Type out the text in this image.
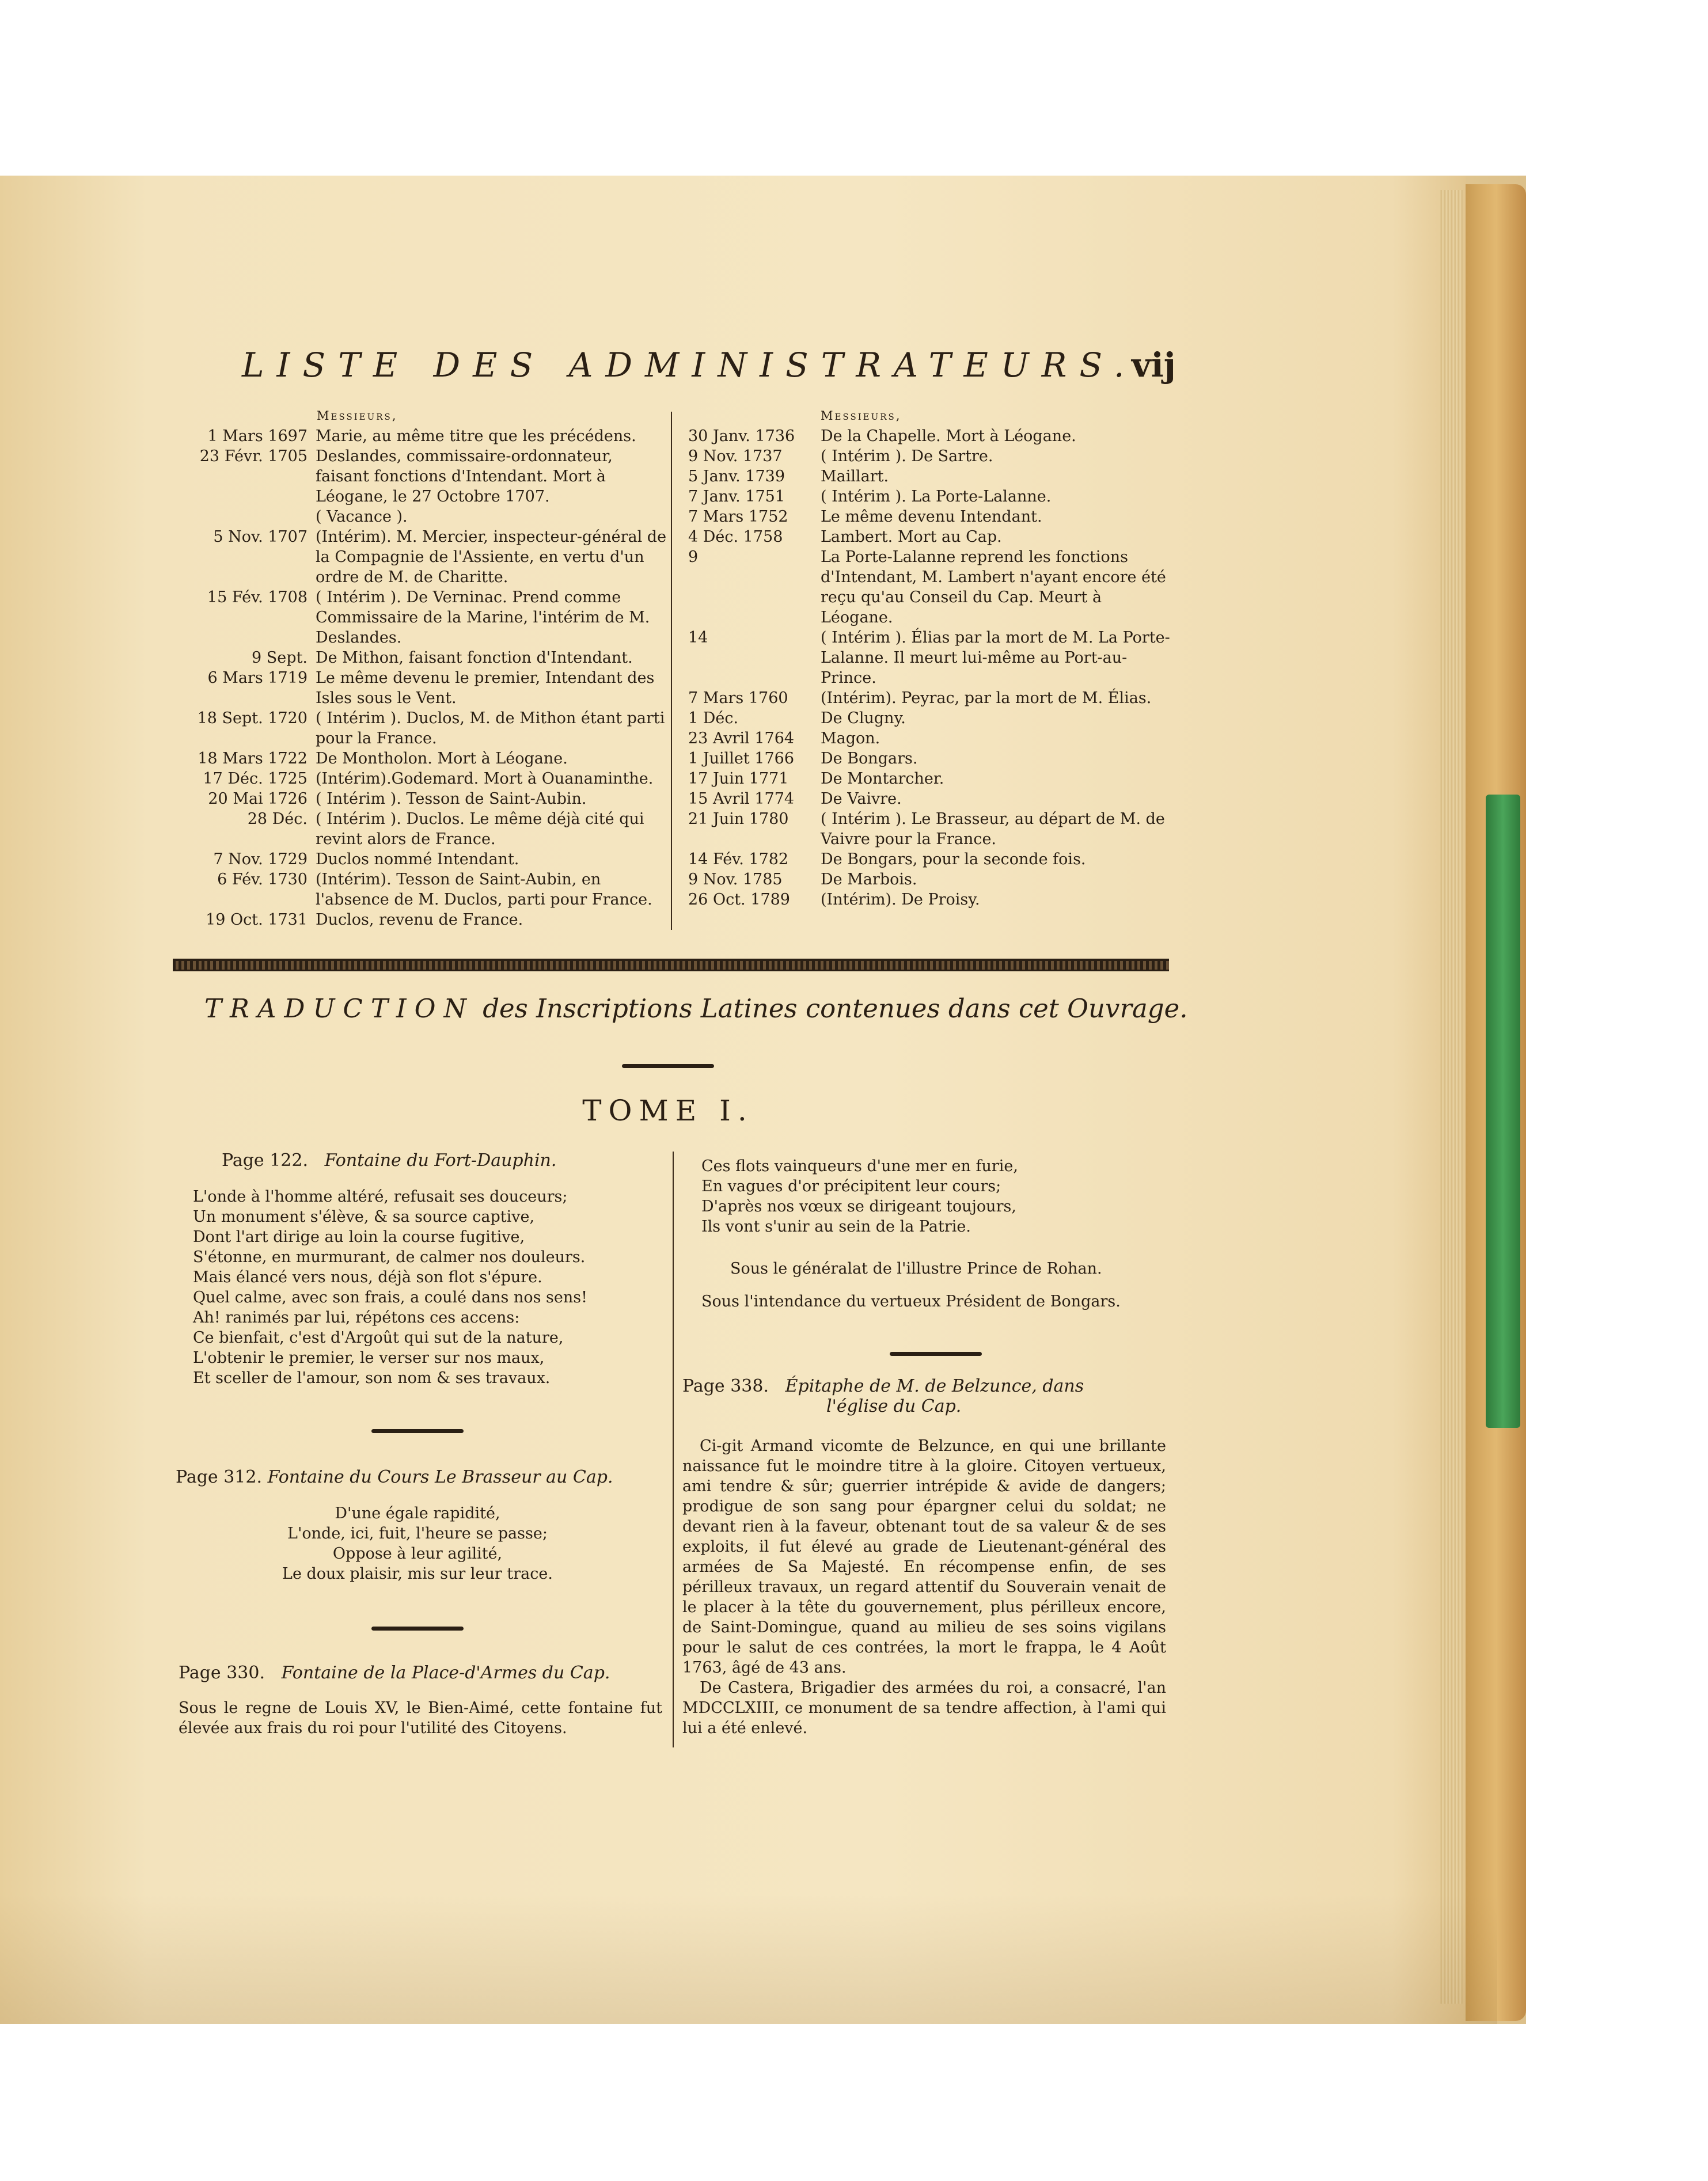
LISTE DES ADMINISTRATEURS.
vij
Messieurs,
1 Mars 1697 Marie, au même titre que les précédens.
23 Févr. 1705 Deslandes, commissaire-ordonnateur, faisant fonctions d'Intendant. Mort à Léogane, le 27 Octobre 1707.
( Vacance ).
5 Nov. 1707 (Intérim). M. Mercier, inspecteur-général de la Compagnie de l'Assiente, en vertu d'un ordre de M. de Charitte.
15 Fév. 1708 ( Intérim ). De Verninac. Prend comme Commissaire de la Marine, l'intérim de M. Deslandes.
9 Sept. De Mithon, faisant fonction d'Intendant.
6 Mars 1719 Le même devenu le premier, Intendant des Isles sous le Vent.
18 Sept. 1720 ( Intérim ). Duclos, M. de Mithon étant parti pour la France.
18 Mars 1722 De Montholon. Mort à Léogane.
17 Déc. 1725 (Intérim).Godemard. Mort à Ouanaminthe.
20 Mai 1726 ( Intérim ). Tesson de Saint-Aubin.
28 Déc. ( Intérim ). Duclos. Le même déjà cité qui revint alors de France.
7 Nov. 1729 Duclos nommé Intendant.
6 Fév. 1730 (Intérim). Tesson de Saint-Aubin, en l'absence de M. Duclos, parti pour France.
19 Oct. 1731 Duclos, revenu de France.
Messieurs,
30 Janv. 1736	De la Chapelle. Mort à Léogane.
9 Nov. 1737	( Intérim ). De Sartre.
5 Janv. 1739	Maillart.
7 Janv. 1751	( Intérim ). La Porte-Lalanne.
7 Mars 1752	Le même devenu Intendant.
4 Déc. 1758	Lambert. Mort au Cap.
9	La Porte-Lalanne reprend les fonctions d'Intendant, M. Lambert n'ayant encore été reçu qu'au Conseil du Cap. Meurt à Léogane.
14	( Intérim ). Élias par la mort de M. La Porte-Lalanne. Il meurt lui-même au Port-au-Prince.
7 Mars 1760	(Intérim). Peyrac, par la mort de M. Élias.
1 Déc.	De Clugny.
23 Avril 1764	Magon.
1 Juillet 1766	De Bongars.
17 Juin 1771	De Montarcher.
15 Avril 1774	De Vaivre.
21 Juin 1780	( Intérim ). Le Brasseur, au départ de M. de Vaivre pour la France.
14 Fév. 1782	De Bongars, pour la seconde fois.
9 Nov. 1785	De Marbois.
26 Oct. 1789	(Intérim). De Proisy.
TRADUCTION des Inscriptions Latines contenues dans cet Ouvrage.
TOME I.
Page 122. Fontaine du Fort-Dauphin.
L'onde à l'homme altéré, refusait ses douceurs;
Un monument s'élève, & sa source captive,
Dont l'art dirige au loin la course fugitive,
S'étonne, en murmurant, de calmer nos douleurs.
Mais élancé vers nous, déjà son flot s'épure.
Quel calme, avec son frais, a coulé dans nos sens!
Ah! ranimés par lui, répétons ces accens:
Ce bienfait, c'est d'Argoût qui sut de la nature,
L'obtenir le premier, le verser sur nos maux,
Et sceller de l'amour, son nom & ses travaux.
Page 312. Fontaine du Cours Le Brasseur au Cap.
D'une égale rapidité,
L'onde, ici, fuit, l'heure se passe;
Oppose à leur agilité,
Le doux plaisir, mis sur leur trace.
Page 330. Fontaine de la Place-d'Armes du Cap.
Sous le regne de Louis XV, le Bien-Aimé, cette fontaine fut élevée aux frais du roi pour l'utilité des Citoyens.
Ces flots vainqueurs d'une mer en furie,
En vagues d'or précipitent leur cours;
D'après nos vœux se dirigeant toujours,
Ils vont s'unir au sein de la Patrie.
Sous le généralat de l'illustre Prince de Rohan.
Sous l'intendance du vertueux Président de Bongars.
Page 338. Épitaphe de M. de Belzunce, dans
l'église du Cap.
Ci-git Armand vicomte de Belzunce, en qui une brillante naissance fut le moindre titre à la gloire. Citoyen vertueux, ami tendre & sûr; guerrier intrépide & avide de dangers; prodigue de son sang pour épargner celui du soldat; ne devant rien à la faveur, obtenant tout de sa valeur & de ses exploits, il fut élevé au grade de Lieutenant-général des armées de Sa Majesté. En récompense enfin, de ses périlleux travaux, un regard attentif du Souverain venait de le placer à la tête du gouvernement, plus périlleux encore, de Saint-Domingue, quand au milieu de ses soins vigilans pour le salut de ces contrées, la mort le frappa, le 4 Août 1763, âgé de 43 ans.
De Castera, Brigadier des armées du roi, a consacré, l'an MDCCLXIII, ce monument de sa tendre affection, à l'ami qui lui a été enlevé.
